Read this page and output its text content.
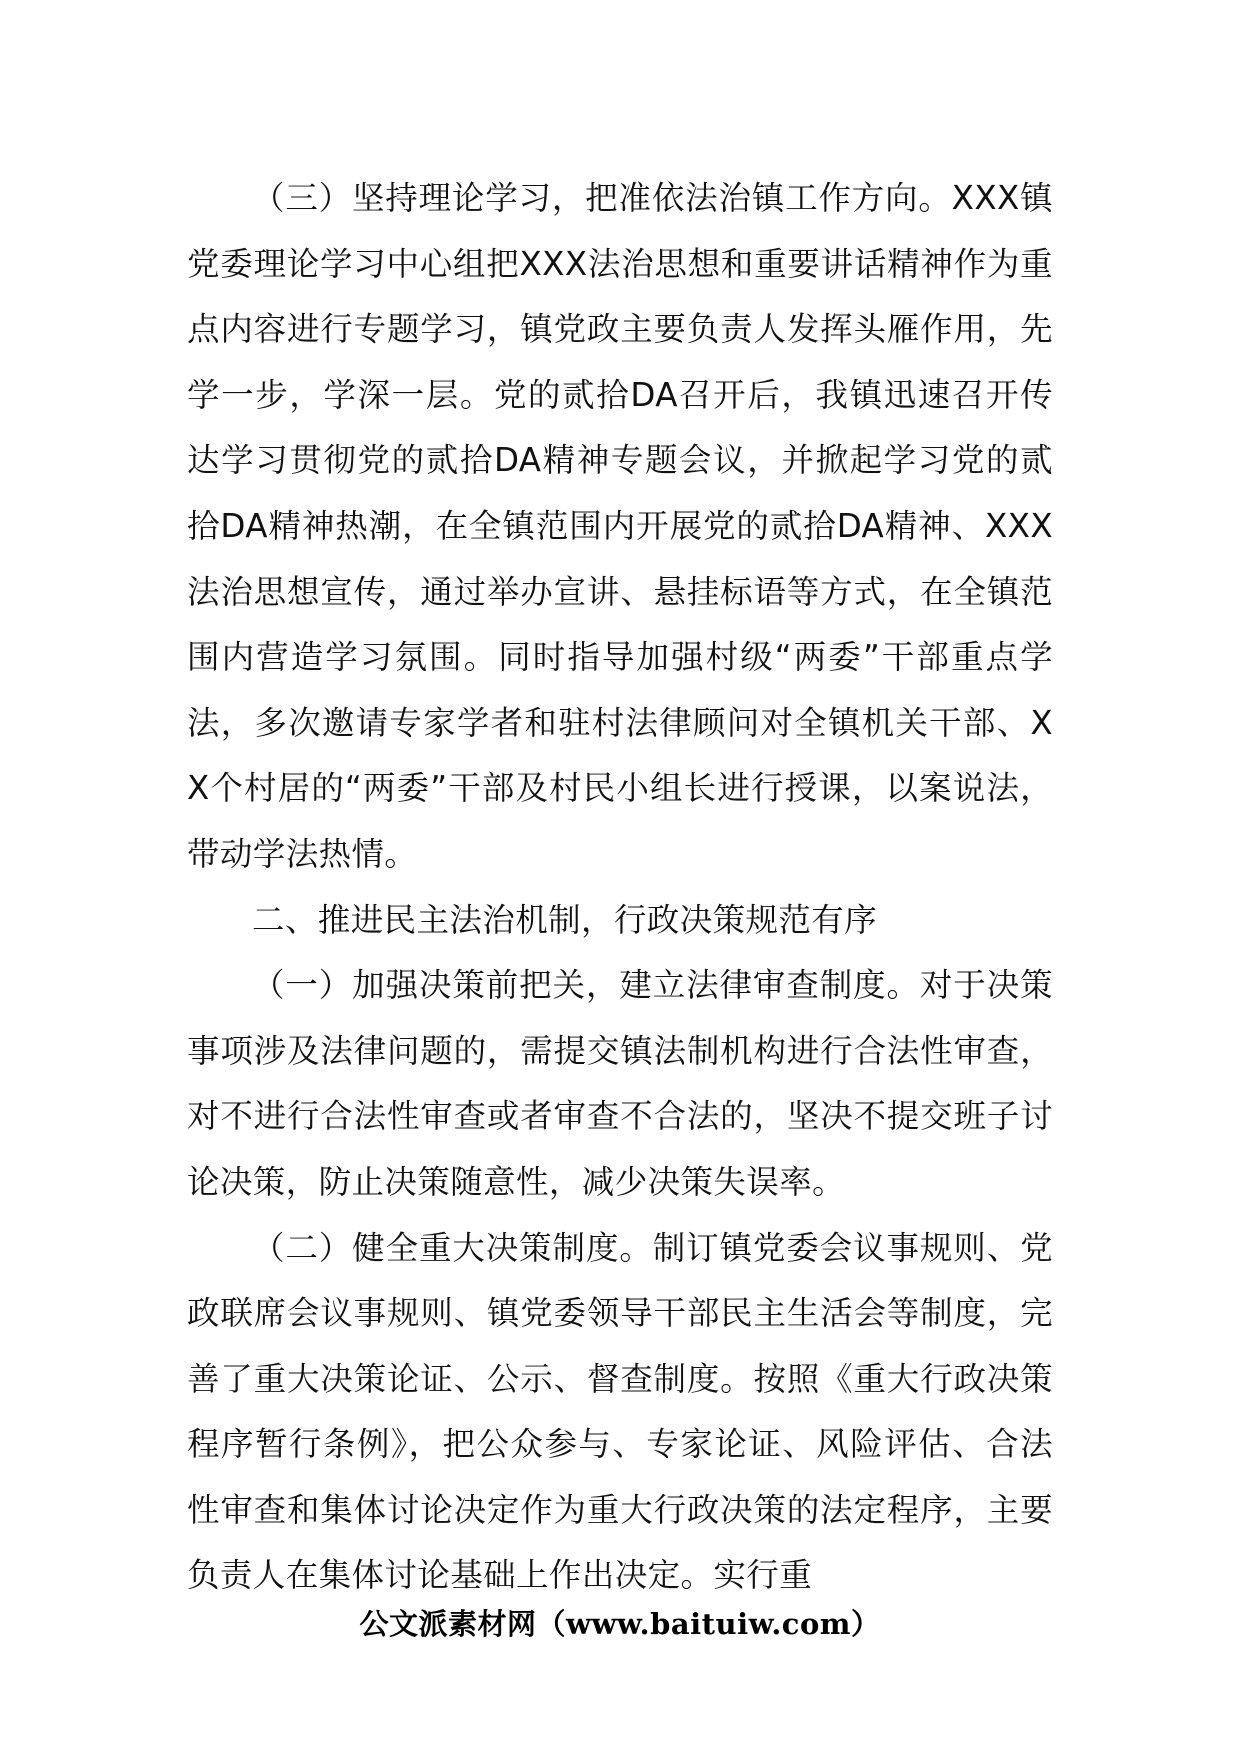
（三）坚持理论学习，把准依法治镇工作方向。XXX镇党委理论学习中心组把XXX法治思想和重要讲话精神作为重点内容进行专题学习，镇党政主要负责人发挥头雁作用，先学一步，学深一层。党的贰拾DA召开后，我镇迅速召开传达学习贯彻党的贰拾DA精神专题会议，并掀起学习党的贰拾DA精神热潮，在全镇范围内开展党的贰拾DA精神、XXX法治思想宣传，通过举办宣讲、悬挂标语等方式，在全镇范围内营造学习氛围。同时指导加强村级“两委”干部重点学法，多次邀请专家学者和驻村法律顾问对全镇机关干部、XX个村居的“两委”干部及村民小组长进行授课，以案说法，带动学法热情。

二、推进民主法治机制，行政决策规范有序

（一）加强决策前把关，建立法律审查制度。对于决策事项涉及法律问题的，需提交镇法制机构进行合法性审查，对不进行合法性审查或者审查不合法的，坚决不提交班子讨论决策，防止决策随意性，减少决策失误率。

（二）健全重大决策制度。制订镇党委会议事规则、党政联席会议事规则、镇党委领导干部民主生活会等制度，完善了重大决策论证、公示、督查制度。按照《重大行政决策程序暂行条例》，把公众参与、专家论证、风险评估、合法性审查和集体讨论决定作为重大行政决策的法定程序，主要负责人在集体讨论基础上作出决定。实行重

公文派素材网（www.baituiw.com）
